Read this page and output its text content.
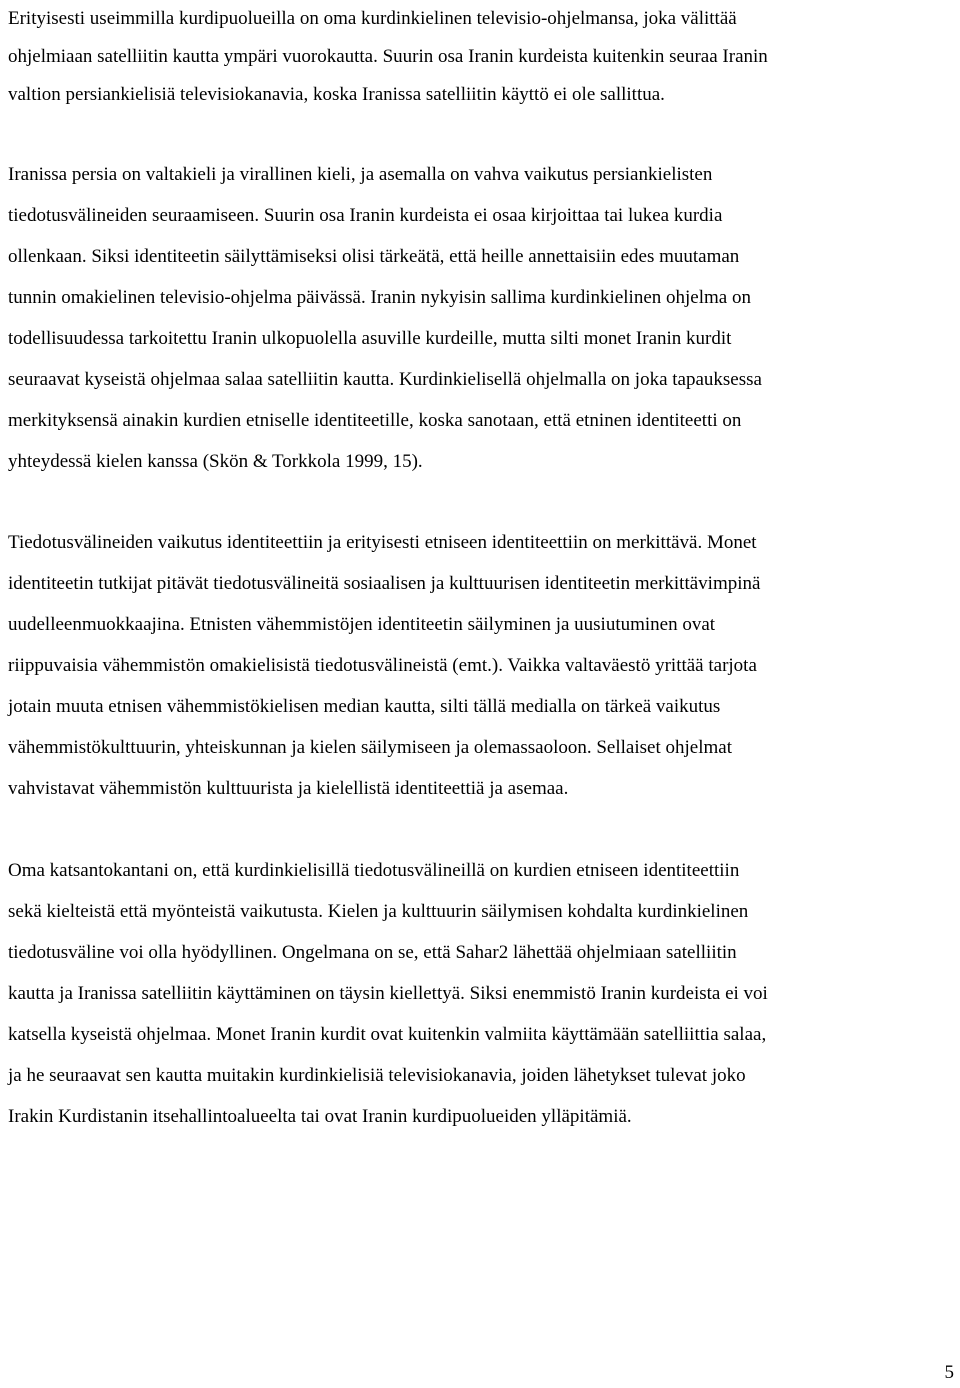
Erityisesti useimmilla kurdipuolueilla on oma kurdinkielinen televisio-ohjelmansa, joka välittää
ohjelmiaan satelliitin kautta ympäri vuorokautta. Suurin osa Iranin kurdeista kuitenkin seuraa Iranin
valtion persiankielisiä televisiokanavia, koska Iranissa satelliitin käyttö ei ole sallittua.

Iranissa persia on valtakieli ja virallinen kieli, ja asemalla on vahva vaikutus persiankielisten
tiedotusvälineiden seuraamiseen. Suurin osa Iranin kurdeista ei osaa kirjoittaa tai lukea kurdia
ollenkaan. Siksi identiteetin säilyttämiseksi olisi tärkeätä, että heille annettaisiin edes muutaman
tunnin omakielinen televisio-ohjelma päivässä. Iranin nykyisin sallima kurdinkielinen ohjelma on
todellisuudessa tarkoitettu Iranin ulkopuolella asuville kurdeille, mutta silti monet Iranin kurdit
seuraavat kyseistä ohjelmaa salaa satelliitin kautta. Kurdinkielisellä ohjelmalla on joka tapauksessa
merkityksensä ainakin kurdien etniselle identiteetille, koska sanotaan, että etninen identiteetti on
yhteydessä kielen kanssa (Skön & Torkkola 1999, 15).

Tiedotusvälineiden vaikutus identiteettiin ja erityisesti etniseen identiteettiin on merkittävä. Monet
identiteetin tutkijat pitävät tiedotusvälineitä sosiaalisen ja kulttuurisen identiteetin merkittävimpinä
uudelleenmuokkaajina. Etnisten vähemmistöjen identiteetin säilyminen ja uusiutuminen ovat
riippuvaisia vähemmistön omakielisistä tiedotusvälineistä (emt.). Vaikka valtaväestö yrittää tarjota
jotain muuta etnisen vähemmistökielisen median kautta, silti tällä medialla on tärkeä vaikutus
vähemmistökulttuurin, yhteiskunnan ja kielen säilymiseen ja olemassaoloon. Sellaiset ohjelmat
vahvistavat vähemmistön kulttuurista ja kielellistä identiteettiä ja asemaa.

Oma katsantokantani on, että kurdinkielisillä tiedotusvälineillä on kurdien etniseen identiteettiin
sekä kielteistä että myönteistä vaikutusta. Kielen ja kulttuurin säilymisen kohdalta kurdinkielinen
tiedotusväline voi olla hyödyllinen. Ongelmana on se, että Sahar2 lähettää ohjelmiaan satelliitin
kautta ja Iranissa satelliitin käyttäminen on täysin kiellettyä. Siksi enemmistö Iranin kurdeista ei voi
katsella kyseistä ohjelmaa. Monet Iranin kurdit ovat kuitenkin valmiita käyttämään satelliittia salaa,
ja he seuraavat sen kautta muitakin kurdinkielisiä televisiokanavia, joiden lähetykset tulevat joko
Irakin Kurdistanin itsehallintoalueelta tai ovat Iranin kurdipuolueiden ylläpitämiä.

5
